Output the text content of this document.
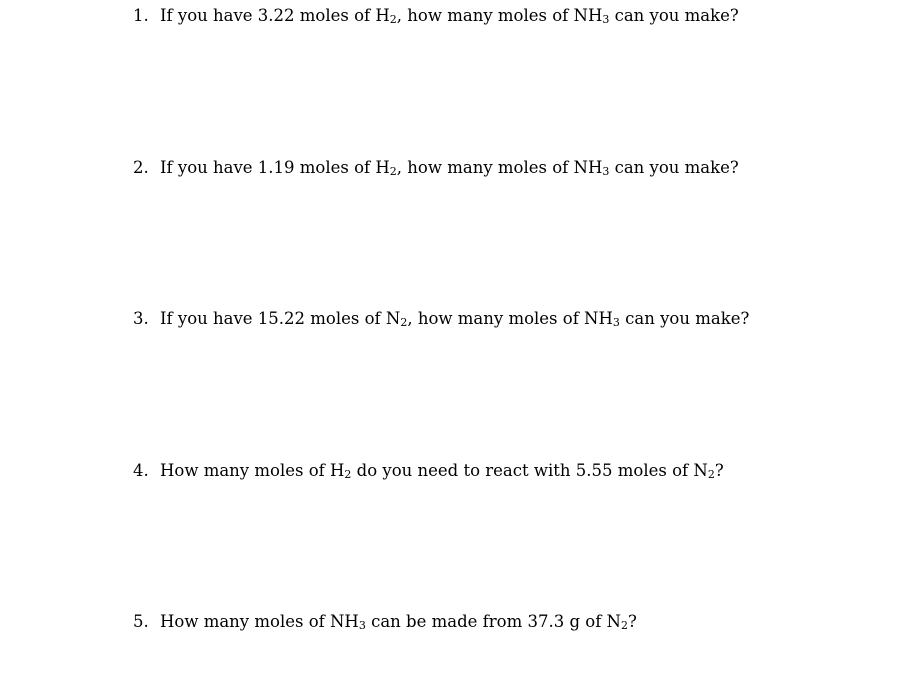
1. If you have 3.22 moles of H2, how many moles of NH3 can you make?
2. If you have 1.19 moles of H2, how many moles of NH3 can you make?
3. If you have 15.22 moles of N2, how many moles of NH3 can you make?
4. How many moles of H2 do you need to react with 5.55 moles of N2?
5. How many moles of NH3 can be made from 37.3 g of N2?
